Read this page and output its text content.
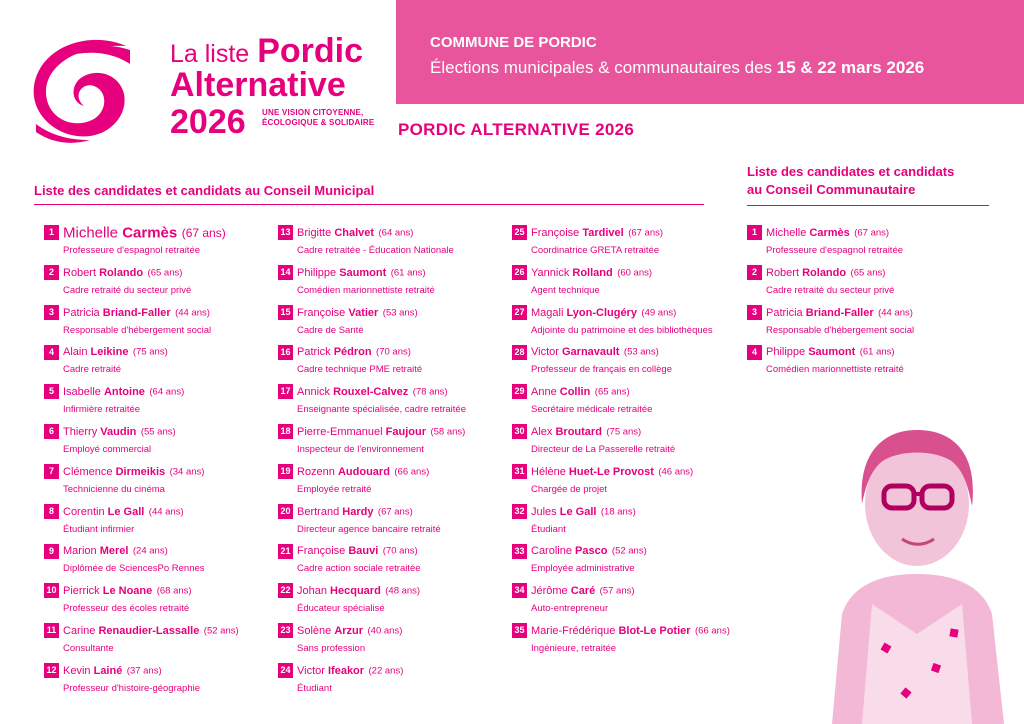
La liste Pordic
Alternative
2026 UNE VISION CITOYENNE,
ÉCOLOGIQUE & SOLIDAIRE
COMMUNE DE PORDIC
Élections municipales & communautaires des 15 & 22 mars 2026
PORDIC ALTERNATIVE 2026
Liste des candidates et candidats au Conseil Municipal
Liste des candidates et candidats
au Conseil Communautaire
1 Michelle Carmès (67 ans)
Professeure d'espagnol retraitée
2 Robert Rolando (65 ans)
Cadre retraité du secteur privé
3 Patricia Briand-Faller (44 ans)
Responsable d'hébergement social
4 Alain Leikine (75 ans)
Cadre retraité
5 Isabelle Antoine (64 ans)
Infirmière retraitée
6 Thierry Vaudin (55 ans)
Employé commercial
7 Clémence Dirmeikis (34 ans)
Technicienne du cinéma
8 Corentin Le Gall (44 ans)
Étudiant infirmier
9 Marion Merel (24 ans)
Diplômée de SciencesPo Rennes
10 Pierrick Le Noane (68 ans)
Professeur des écoles retraité
11 Carine Renaudier-Lassalle (52 ans)
Consultante
12 Kevin Lainé (37 ans)
Professeur d'histoire-géographie
13 Brigitte Chalvet (64 ans)
Cadre retraitée - Éducation Nationale
14 Philippe Saumont (61 ans)
Comédien marionnettiste retraité
15 Françoise Vatier (53 ans)
Cadre de Santé
16 Patrick Pédron (70 ans)
Cadre technique PME retraité
17 Annick Rouxel-Calvez (78 ans)
Enseignante spécialisée, cadre retraitée
18 Pierre-Emmanuel Faujour (58 ans)
Inspecteur de l'environnement
19 Rozenn Audouard (66 ans)
Employée retraité
20 Bertrand Hardy (67 ans)
Directeur agence bancaire retraité
21 Françoise Bauvi (70 ans)
Cadre action sociale retraitée
22 Johan Hecquard (48 ans)
Éducateur spécialisé
23 Solène Arzur (40 ans)
Sans profession
24 Victor Ifeakor (22 ans)
Étudiant
25 Françoise Tardivel (67 ans)
Coordinatrice GRETA retraitée
26 Yannick Rolland (60 ans)
Agent technique
27 Magali Lyon-Clugéry (49 ans)
Adjointe du patrimoine et des bibliothèques
28 Victor Garnavault (53 ans)
Professeur de français en collège
29 Anne Collin (65 ans)
Secrétaire médicale retraitée
30 Alex Broutard (75 ans)
Directeur de La Passerelle retraité
31 Hélène Huet-Le Provost (46 ans)
Chargée de projet
32 Jules Le Gall (18 ans)
Étudiant
33 Caroline Pasco (52 ans)
Employée administrative
34 Jérôme Caré (57 ans)
Auto-entrepreneur
35 Marie-Frédérique Blot-Le Potier (66 ans)
Ingénieure, retraitée
1 Michelle Carmès (67 ans)
Professeure d'espagnol retraitée
2 Robert Rolando (65 ans)
Cadre retraité du secteur privé
3 Patricia Briand-Faller (44 ans)
Responsable d'hébergement social
4 Philippe Saumont (61 ans)
Comédien marionnettiste retraité
